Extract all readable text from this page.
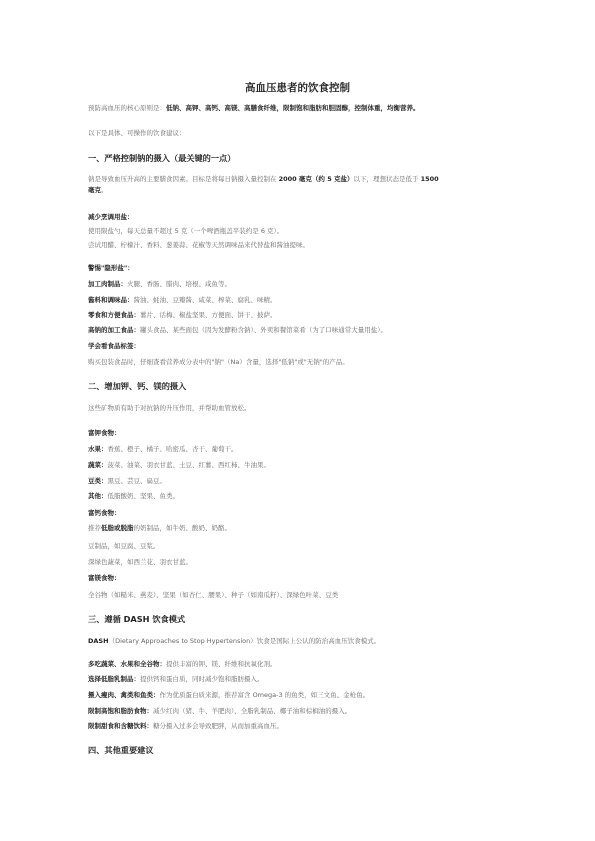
高血压患者的饮食控制
预防高血压的核心原则是：低钠、高钾、高钙、高镁、高膳食纤维，限制饱和脂肪和胆固醇，控制体重，均衡营养。
以下是具体、可操作的饮食建议：
一、严格控制钠的摄入（最关键的一点）
钠是导致血压升高的主要膳食因素。目标是将每日钠摄入量控制在 2000 毫克（约 5 克盐）以下，理想状态是低于 1500
毫克。
减少烹调用盐：
使用限盐勺，每天总量不超过 5 克（一个啤酒瓶盖平装约是 6 克）。
尝试用醋、柠檬汁、香料、葱姜蒜、花椒等天然调味品来代替盐和酱油提味。
警惕"隐形盐"：
加工肉制品：火腿、香肠、腊肉、培根、咸鱼等。
酱料和调味品：酱油、蚝油、豆瓣酱、咸菜、榨菜、腐乳、味精。
零食和方便食品：薯片、话梅、椒盐坚果、方便面、饼干、披萨。
高钠的加工食品：罐头食品、某些面包（因为发酵粉含钠）、外卖和餐馆菜肴（为了口味通常大量用盐）。
学会看食品标签：
购买包装食品时，仔细查看营养成分表中的"钠"（Na）含量，选择"低钠"或"无钠"的产品。
二、增加钾、钙、镁的摄入
这些矿物质有助于对抗钠的升压作用，并帮助血管放松。
富钾食物：
水果：香蕉、橙子、橘子、哈密瓜、杏干、葡萄干。
蔬菜：菠菜、油菜、羽衣甘蓝、土豆、红薯、西红柿、牛油果。
豆类：黑豆、芸豆、扁豆。
其他：低脂酸奶、坚果、鱼类。
富钙食物：
推荐低脂或脱脂的奶制品，如牛奶、酸奶、奶酪。
豆制品，如豆腐、豆浆。
深绿色蔬菜，如西兰花、羽衣甘蓝。
富镁食物：
全谷物（如糙米、燕麦）、坚果（如杏仁、腰果）、种子（如南瓜籽）、深绿色叶菜、豆类
三、遵循 DASH 饮食模式
DASH（Dietary Approaches to Stop Hypertension）饮食是国际上公认的防治高血压饮食模式。
多吃蔬菜、水果和全谷物：提供丰富的钾、镁、纤维和抗氧化剂。
选择低脂乳制品：提供钙和蛋白质，同时减少饱和脂肪摄入。
摄入瘦肉、禽类和鱼类：作为优质蛋白质来源，推荐富含 Omega-3 的鱼类，如三文鱼、金枪鱼。
限制高饱和脂肪食物：减少红肉（猪、牛、羊肥肉）、全脂乳制品、椰子油和棕榈油的摄入。
限制甜食和含糖饮料：糖分摄入过多会导致肥胖，从而加重高血压。
四、其他重要建议
